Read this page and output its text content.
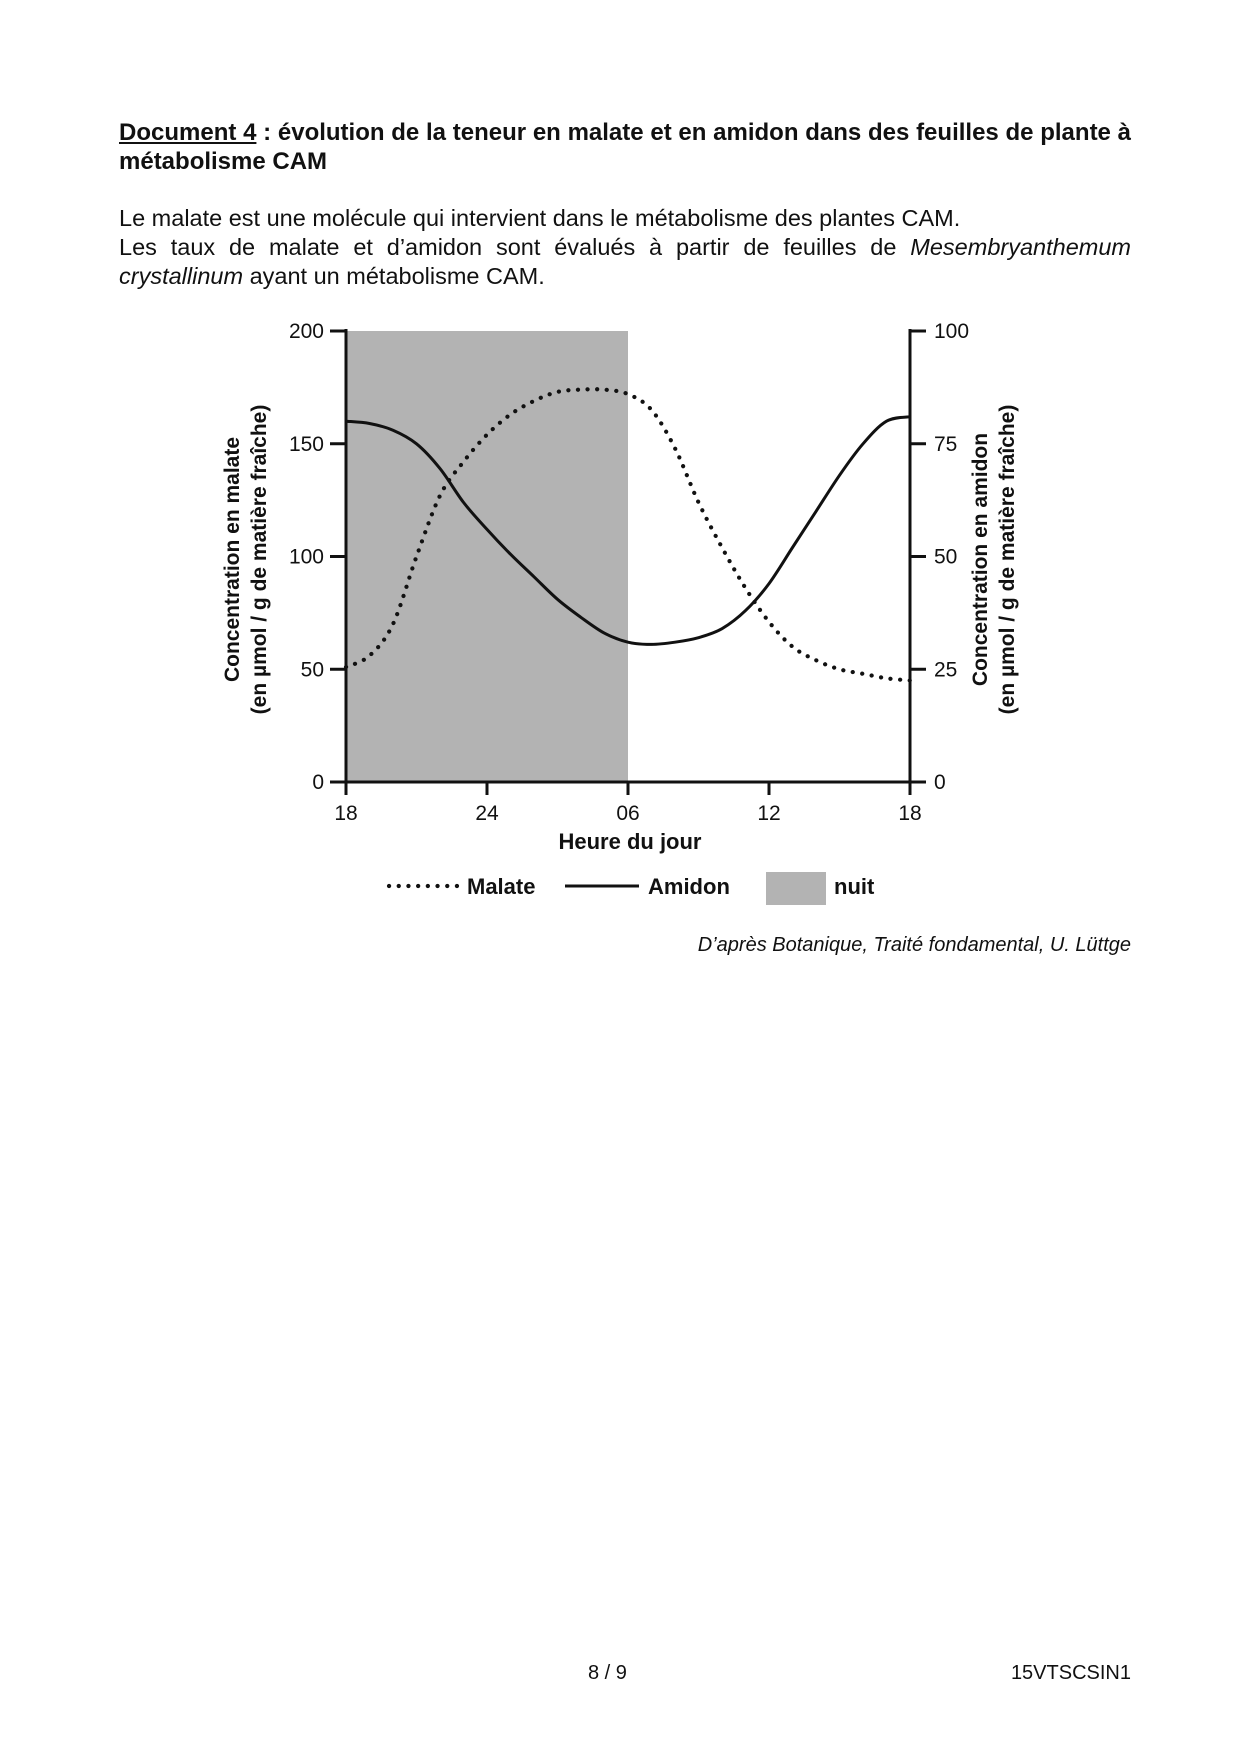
Document 4 : évolution de la teneur en malate et en amidon dans des feuilles de plante à métabolisme CAM
Le malate est une molécule qui intervient dans le métabolisme des plantes CAM.
Les taux de malate et d’amidon sont évalués à partir de feuilles de Mesembryanthemum crystallinum ayant un métabolisme CAM.
0
50
100
150
200
0
25
50
75
100
18	24	06	12	18
Heure du jour
Concentration en malate (en µmol / g de matière fraîche)	Concentration en amidon (en µmol / g de matière fraîche)
Malate	Amidon	nuit
D’après Botanique, Traité fondamental, U. Lüttge
8 / 9	15VTSCSIN1
